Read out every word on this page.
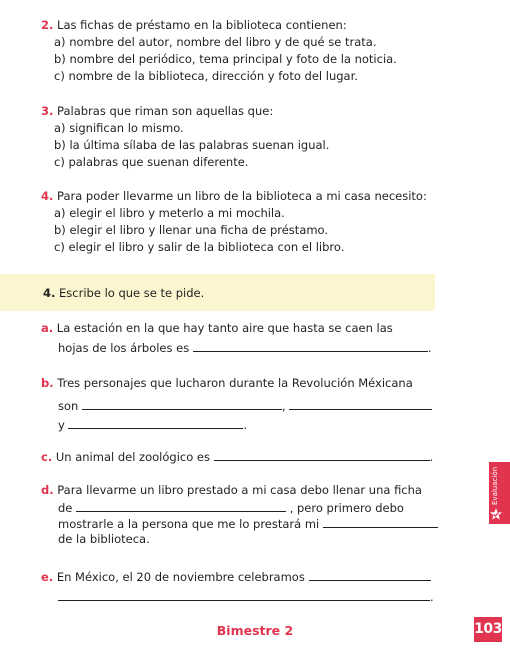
2. Las fichas de préstamo en la biblioteca contienen:
a) nombre del autor, nombre del libro y de qué se trata.
b) nombre del periódico, tema principal y foto de la noticia.
c) nombre de la biblioteca, dirección y foto del lugar.
3. Palabras que riman son aquellas que:
a) significan lo mismo.
b) la última sílaba de las palabras suenan igual.
c) palabras que suenan diferente.
4. Para poder llevarme un libro de la biblioteca a mi casa necesito:
a) elegir el libro y meterlo a mi mochila.
b) elegir el libro y llenar una ficha de préstamo.
c) elegir el libro y salir de la biblioteca con el libro.
4. Escribe lo que se te pide.
a. La estación en la que hay tanto aire que hasta se caen las
hojas de los árboles es	.
b. Tres personajes que lucharon durante la Revolución Méxicana
son	,
y	.
c. Un animal del zoológico es	.
d. Para llevarme un libro prestado a mi casa debo llenar una ficha
de	, pero primero debo
mostrarle a la persona que me lo prestará mi
de la biblioteca.
e. En México, el 20 de noviembre celebramos
.
Evaluación
Bimestre 2	103
